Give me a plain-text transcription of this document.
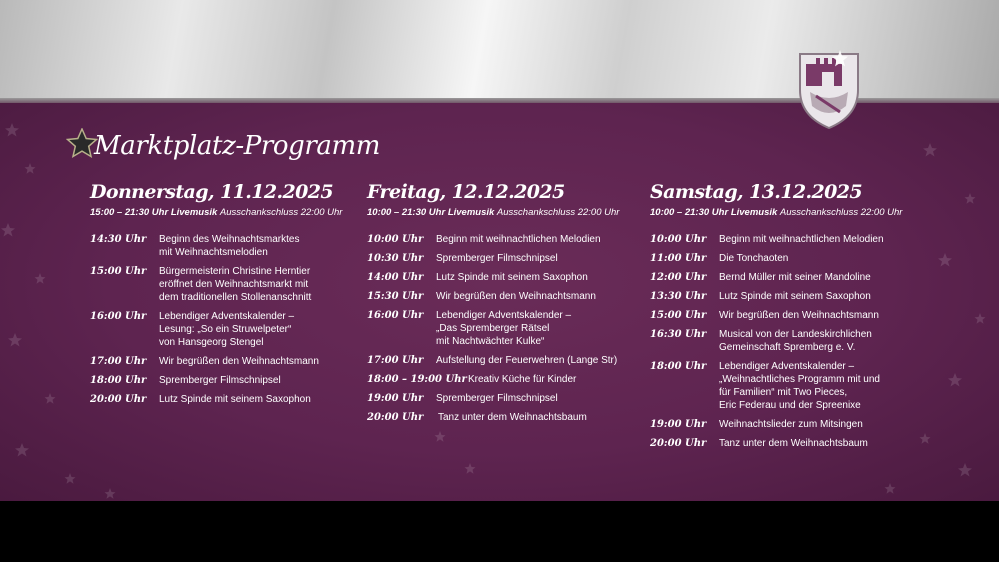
Marktplatz-Programm
Donnerstag, 11.12.2025
15:00 – 21:30 Uhr Livemusik Ausschankschluss 22:00 Uhr
14:30 Uhr	Beginn des Weihnachtsmarktes
mit Weihnachtsmelodien
15:00 Uhr	Bürgermeisterin Christine Herntier
eröffnet den Weihnachtsmarkt mit
dem traditionellen Stollenanschnitt
16:00 Uhr	Lebendiger Adventskalender –
Lesung: „So ein Struwelpeter“
von Hansgeorg Stengel
17:00 Uhr	Wir begrüßen den Weihnachtsmann
18:00 Uhr	Spremberger Filmschnipsel
20:00 Uhr	Lutz Spinde mit seinem Saxophon
Freitag, 12.12.2025
10:00 – 21:30 Uhr Livemusik Ausschankschluss 22:00 Uhr
10:00 Uhr	Beginn mit weihnachtlichen Melodien
10:30 Uhr	Spremberger Filmschnipsel
14:00 Uhr	Lutz Spinde mit seinem Saxophon
15:30 Uhr	Wir begrüßen den Weihnachtsmann
16:00 Uhr	Lebendiger Adventskalender –
„Das Spremberger Rätsel
mit Nachtwächter Kulke“
17:00 Uhr	Aufstellung der Feuerwehren (Lange Str)
18:00 – 19:00 Uhr Kreativ Küche für Kinder
19:00 Uhr	Spremberger Filmschnipsel
20:00 Uhr	Tanz unter dem Weihnachtsbaum
Samstag, 13.12.2025
10:00 – 21:30 Uhr Livemusik Ausschankschluss 22:00 Uhr
10:00 Uhr	Beginn mit weihnachtlichen Melodien
11:00 Uhr	Die Tonchaoten
12:00 Uhr	Bernd Müller mit seiner Mandoline
13:30 Uhr	Lutz Spinde mit seinem Saxophon
15:00 Uhr	Wir begrüßen den Weihnachtsmann
16:30 Uhr	Musical von der Landeskirchlichen
Gemeinschaft Spremberg e. V.
18:00 Uhr	Lebendiger Adventskalender –
„Weihnachtliches Programm mit und
für Familien“ mit Two Pieces,
Eric Federau und der Spreenixe
19:00 Uhr	Weihnachtslieder zum Mitsingen
20:00 Uhr	Tanz unter dem Weihnachtsbaum
